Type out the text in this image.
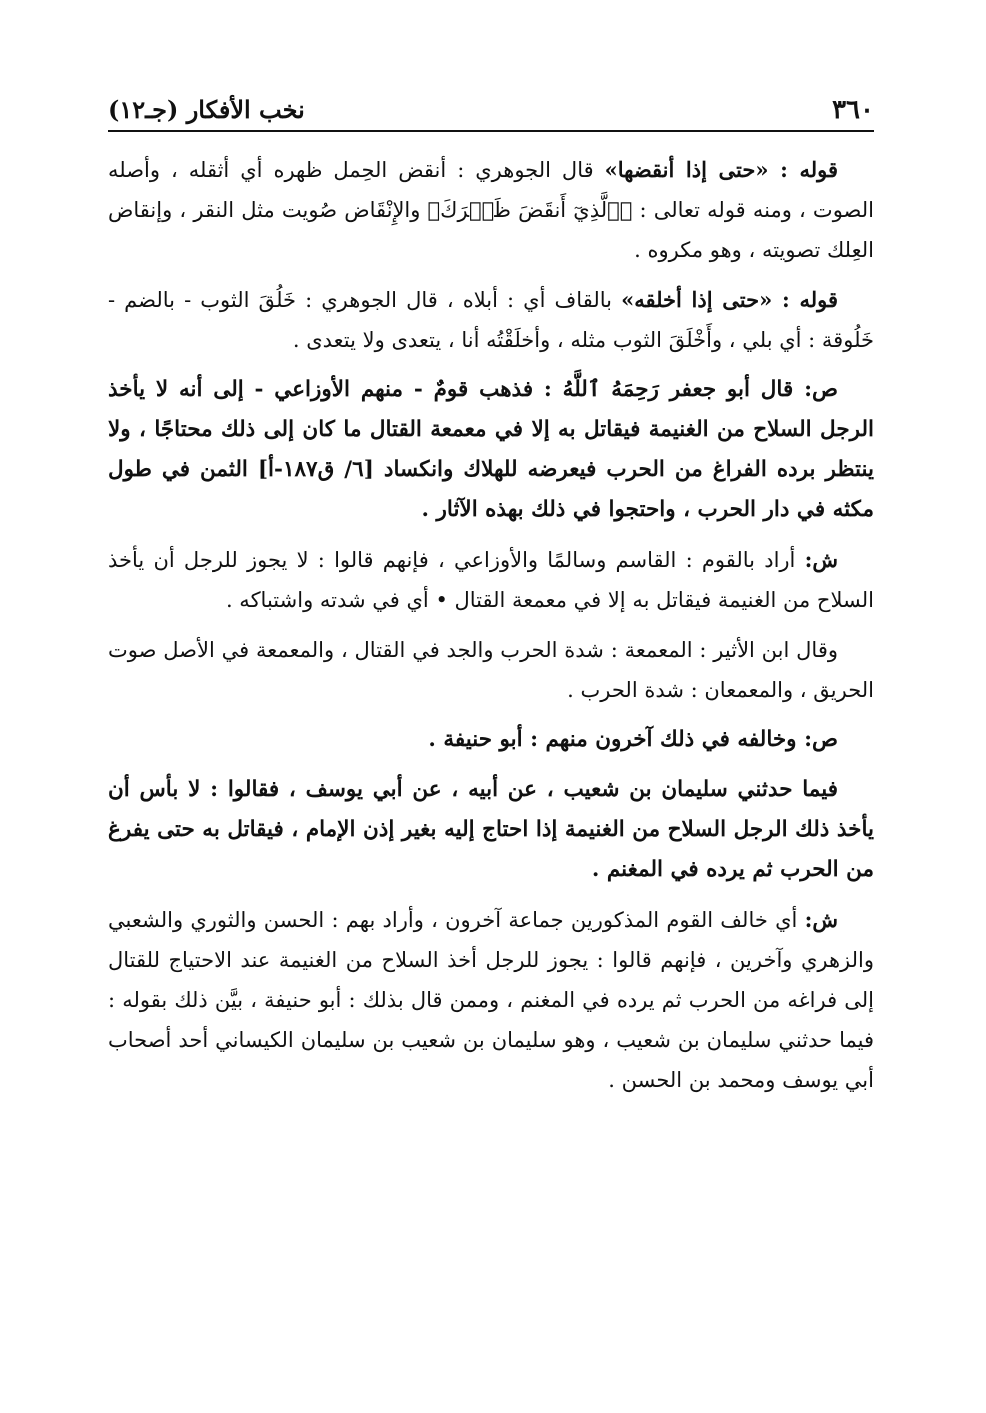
٣٦٠
نخب الأفكار (جـ١٢)

قوله : «حتى إذا أنقضها» قال الجوهري : أنقض الحِمل ظهره أي أثقله ، وأصله الصوت ، ومنه قوله تعالى : ﴿ٱلَّذِيٓ أَنقَضَ ظَهۡرَكَ﴾ والإِنْقَاض صُويت مثل النقر ، وإنقاض العِلك تصويته ، وهو مكروه .

قوله : «حتى إذا أخلقه» بالقاف أي : أبلاه ، قال الجوهري : خَلُقَ الثوب - بالضم - خَلُوقة : أي بلي ، وأَخْلَقَ الثوب مثله ، وأخلَقْتُه أنا ، يتعدى ولا يتعدى .

ص: قال أبو جعفر رَحِمَهُ ٱللَّهُ : فذهب قومٌ - منهم الأوزاعي - إلى أنه لا يأخذ الرجل السلاح من الغنيمة فيقاتل به إلا في معمعة القتال ما كان إلى ذلك محتاجًا ، ولا ينتظر برده الفراغ من الحرب فيعرضه للهلاك وانكساد [٦/ ق١٨٧-أ] الثمن في طول مكثه في دار الحرب ، واحتجوا في ذلك بهذه الآثار .

ش: أراد بالقوم : القاسم وسالمًا والأوزاعي ، فإنهم قالوا : لا يجوز للرجل أن يأخذ السلاح من الغنيمة فيقاتل به إلا في معمعة القتال • أي في شدته واشتباكه .

وقال ابن الأثير : المعمعة : شدة الحرب والجد في القتال ، والمعمعة في الأصل صوت الحريق ، والمعمعان : شدة الحرب .

ص: وخالفه في ذلك آخرون منهم : أبو حنيفة .

فيما حدثني سليمان بن شعيب ، عن أبيه ، عن أبي يوسف ، فقالوا : لا بأس أن يأخذ ذلك الرجل السلاح من الغنيمة إذا احتاج إليه بغير إذن الإمام ، فيقاتل به حتى يفرغ من الحرب ثم يرده في المغنم .

ش: أي خالف القوم المذكورين جماعة آخرون ، وأراد بهم : الحسن والثوري والشعبي والزهري وآخرين ، فإنهم قالوا : يجوز للرجل أخذ السلاح من الغنيمة عند الاحتياج للقتال إلى فراغه من الحرب ثم يرده في المغنم ، وممن قال بذلك : أبو حنيفة ، بيَّن ذلك بقوله : فيما حدثني سليمان بن شعيب ، وهو سليمان بن شعيب بن سليمان الكيساني أحد أصحاب أبي يوسف ومحمد بن الحسن .
